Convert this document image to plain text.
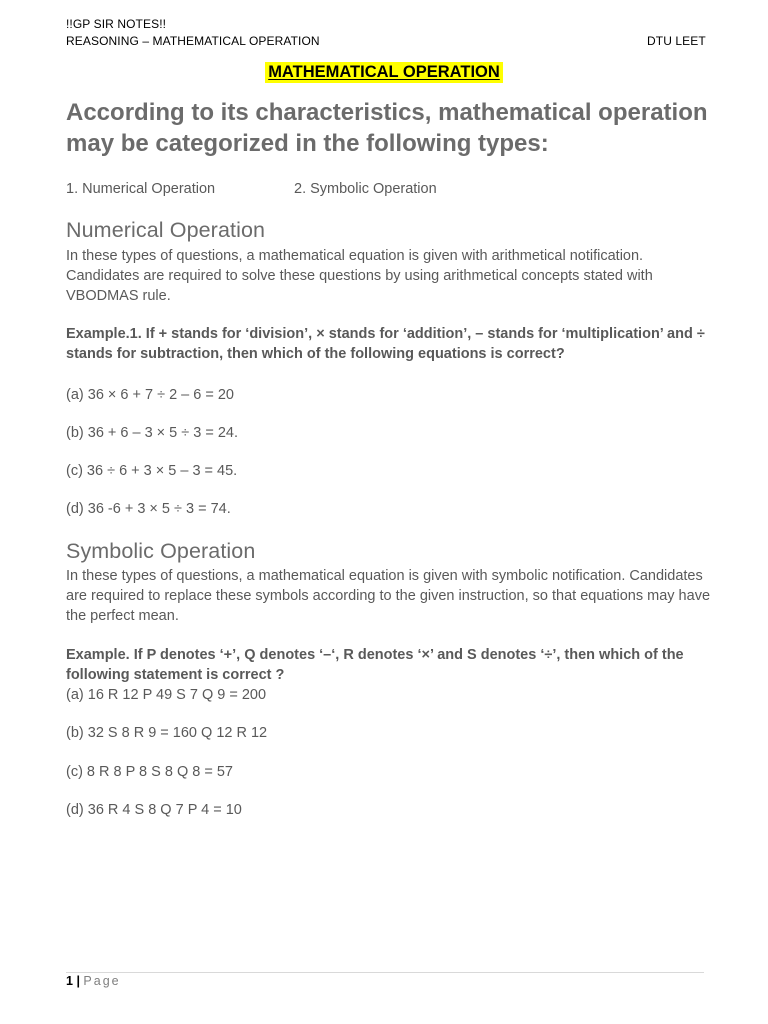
!!GP SIR NOTES!!
REASONING – MATHEMATICAL OPERATION	DTU LEET
MATHEMATICAL OPERATION
According to its characteristics, mathematical operation may be categorized in the following types:
1. Numerical Operation	2. Symbolic Operation
Numerical Operation
In these types of questions, a mathematical equation is given with arithmetical notification. Candidates are required to solve these questions by using arithmetical concepts stated with VBODMAS rule.
Example.1. If + stands for ‘division’, × stands for ‘addition’, – stands for ‘multiplication’ and ÷ stands for subtraction, then which of the following equations is correct?
(a) 36 × 6 + 7 ÷ 2 – 6 = 20
(b) 36 + 6 – 3 × 5 ÷ 3 = 24.
(c) 36 ÷ 6 + 3 × 5 – 3 = 45.
(d) 36 -6 + 3 × 5 ÷ 3 = 74.
Symbolic Operation
In these types of questions, a mathematical equation is given with symbolic notification. Candidates are required to replace these symbols according to the given instruction, so that equations may have the perfect mean.
Example. If P denotes ‘+’, Q denotes ‘–‘, R denotes ‘×’ and S denotes ‘÷’, then which of the following statement is correct ?
(a) 16 R 12 P 49 S 7 Q 9 = 200
(b) 32 S 8 R 9 = 160 Q 12 R 12
(c) 8 R 8 P 8 S 8 Q 8 = 57
(d) 36 R 4 S 8 Q 7 P 4 = 10
1 | Page
